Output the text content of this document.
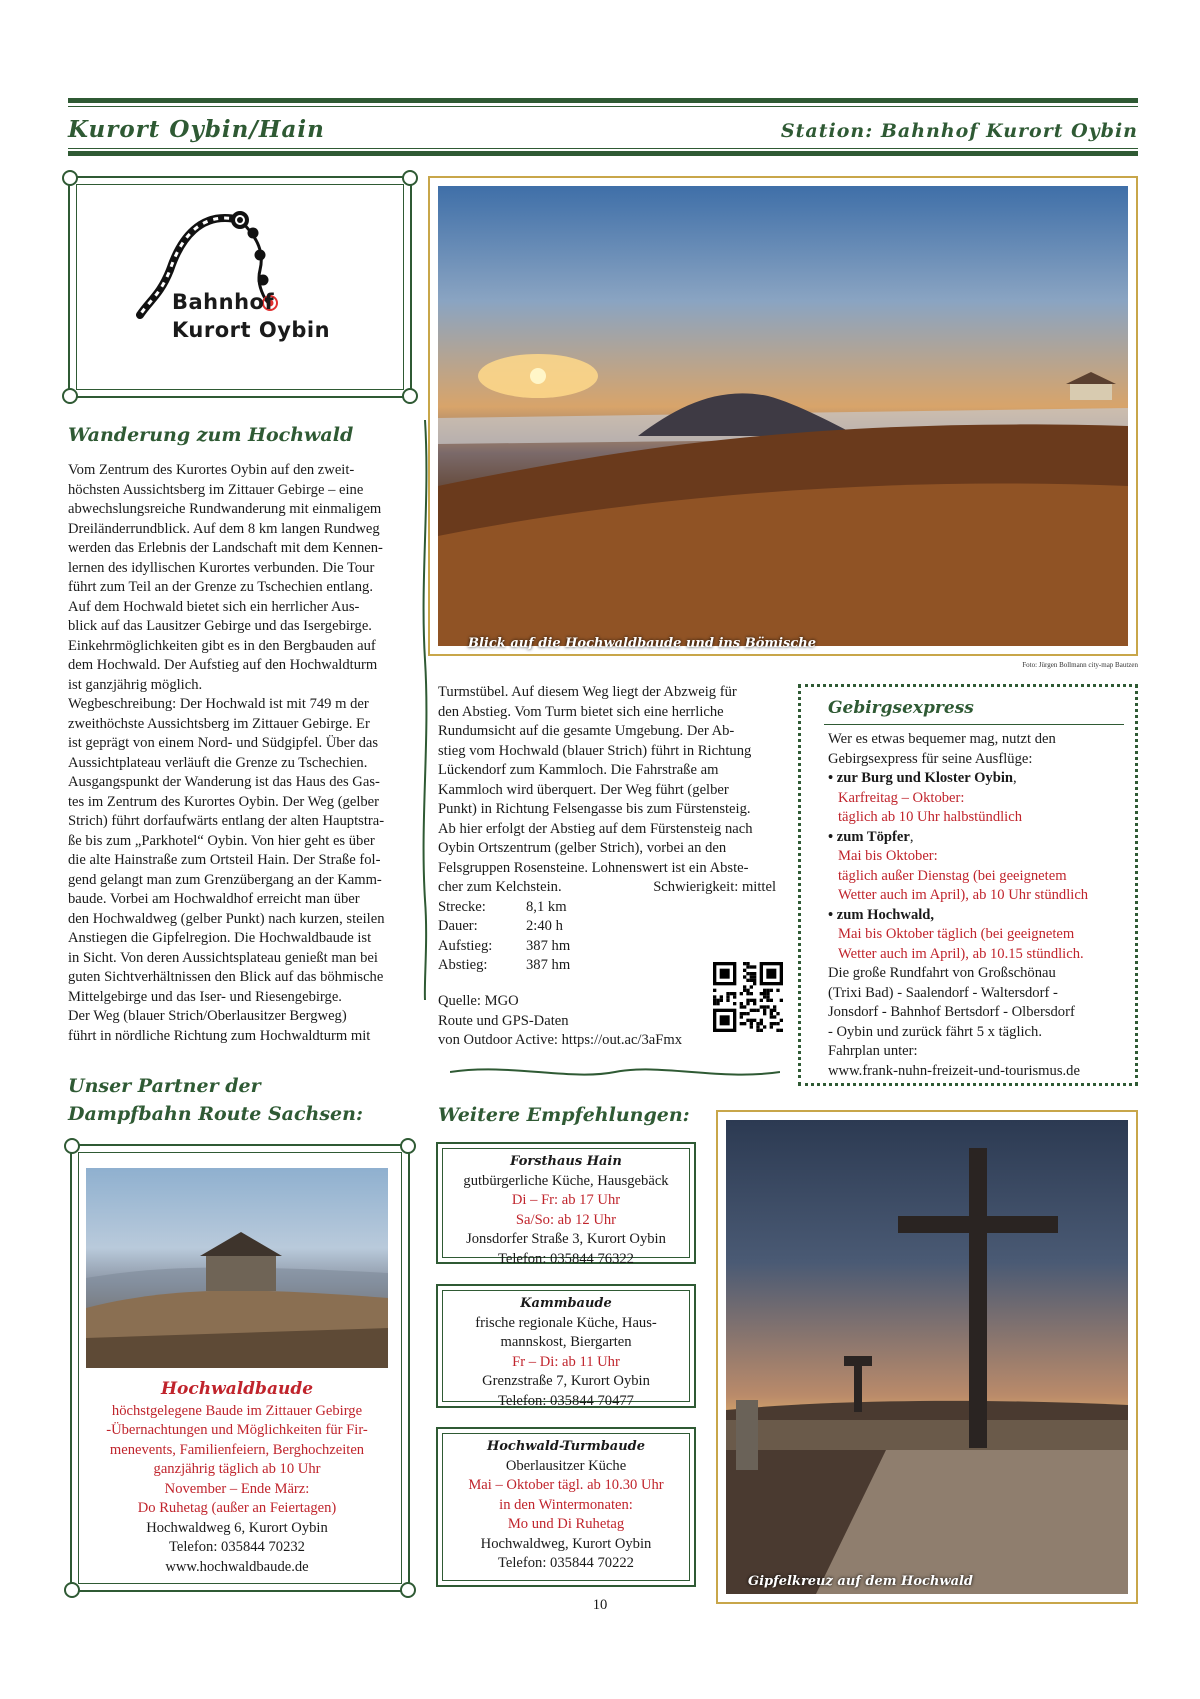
Kurort Oybin/Hain	Station: Bahnhof Kurort Oybin
Bahnhof
Kurort Oybin
Wanderung zum Hochwald
Vom Zentrum des Kurortes Oybin auf den zweit-
höchsten Aussichtsberg im Zittauer Gebirge – eine
abwechslungsreiche Rundwanderung mit einmaligem
Dreiländerrundblick. Auf dem 8 km langen Rundweg
werden das Erlebnis der Landschaft mit dem Kennen-
lernen des idyllischen Kurortes verbunden. Die Tour
führt zum Teil an der Grenze zu Tschechien entlang.
Auf dem Hochwald bietet sich ein herrlicher Aus-
blick auf das Lausitzer Gebirge und das Isergebirge.
Einkehrmöglichkeiten gibt es in den Bergbauden auf
dem Hochwald. Der Aufstieg auf den Hochwaldturm
ist ganzjährig möglich.
Wegbeschreibung: Der Hochwald ist mit 749 m der
zweithöchste Aussichtsberg im Zittauer Gebirge. Er
ist geprägt von einem Nord- und Südgipfel. Über das
Aussichtplateau verläuft die Grenze zu Tschechien.
Ausgangspunkt der Wanderung ist das Haus des Gas-
tes im Zentrum des Kurortes Oybin. Der Weg (gelber
Strich) führt dorfaufwärts entlang der alten Hauptstra-
ße bis zum „Parkhotel“ Oybin. Von hier geht es über
die alte Hainstraße zum Ortsteil Hain. Der Straße fol-
gend gelangt man zum Grenzübergang an der Kamm-
baude. Vorbei am Hochwaldhof erreicht man über
den Hochwaldweg (gelber Punkt) nach kurzen, steilen
Anstiegen die Gipfelregion. Die Hochwaldbaude ist
in Sicht. Von deren Aussichtsplateau genießt man bei
guten Sichtverhältnissen den Blick auf das böhmische
Mittelgebirge und das Iser- und Riesengebirge.
Der Weg (blauer Strich/Oberlausitzer Bergweg)
führt in nördliche Richtung zum Hochwaldturm mit
Blick auf die Hochwaldbaude und ins Bömische
Foto: Jürgen Bollmann city-map Bautzen
Turmstübel. Auf diesem Weg liegt der Abzweig für
den Abstieg. Vom Turm bietet sich eine herrliche
Rundumsicht auf die gesamte Umgebung. Der Ab-
stieg vom Hochwald (blauer Strich) führt in Richtung
Lückendorf zum Kammloch. Die Fahrstraße am
Kammloch wird überquert. Der Weg führt (gelber
Punkt) in Richtung Felsengasse bis zum Fürstensteig.
Ab hier erfolgt der Abstieg auf dem Fürstensteig nach
Oybin Ortszentrum (gelber Strich), vorbei an den
Felsgruppen Rosensteine. Lohnenswert ist ein Abste-
cher zum Kelchstein.	Schwierigkeit: mittel
Strecke:	8,1 km
Dauer:	2:40 h
Aufstieg:	387 hm
Abstieg:	387 hm
Quelle: MGO
Route und GPS-Daten
von Outdoor Active: https://out.ac/3aFmx
Gebirgsexpress
Wer es etwas bequemer mag, nutzt den
Gebirgsexpress für seine Ausflüge:
• zur Burg und Kloster Oybin,
Karfreitag – Oktober:
täglich ab 10 Uhr halbstündlich
• zum Töpfer,
Mai bis Oktober:
täglich außer Dienstag (bei geeignetem
Wetter auch im April), ab 10 Uhr stündlich
• zum Hochwald,
Mai bis Oktober täglich (bei geeignetem
Wetter auch im April), ab 10.15 stündlich.
Die große Rundfahrt von Großschönau
(Trixi Bad) - Saalendorf - Waltersdorf -
Jonsdorf - Bahnhof Bertsdorf - Olbersdorf
- Oybin und zurück fährt 5 x täglich.
Fahrplan unter:
www.frank-nuhn-freizeit-und-tourismus.de
Unser Partner der
Dampfbahn Route Sachsen:
Hochwaldbaude
höchstgelegene Baude im Zittauer Gebirge
-Übernachtungen und Möglichkeiten für Fir-
menevents, Familienfeiern, Berghochzeiten
ganzjährig täglich ab 10 Uhr
November – Ende März:
Do Ruhetag (außer an Feiertagen)
Hochwaldweg 6, Kurort Oybin
Telefon: 035844 70232
www.hochwaldbaude.de
Weitere Empfehlungen:
Forsthaus Hain
gutbürgerliche Küche, Hausgebäck
Di – Fr: ab 17 Uhr
Sa/So: ab 12 Uhr
Jonsdorfer Straße 3, Kurort Oybin
Telefon: 035844 76322
Kammbaude
frische regionale Küche, Haus-
mannskost, Biergarten
Fr – Di: ab 11 Uhr
Grenzstraße 7, Kurort Oybin
Telefon: 035844 70477
Hochwald-Turmbaude
Oberlausitzer Küche
Mai – Oktober tägl. ab 10.30 Uhr
in den Wintermonaten:
Mo und Di Ruhetag
Hochwaldweg, Kurort Oybin
Telefon: 035844 70222
Gipfelkreuz auf dem Hochwald
10
